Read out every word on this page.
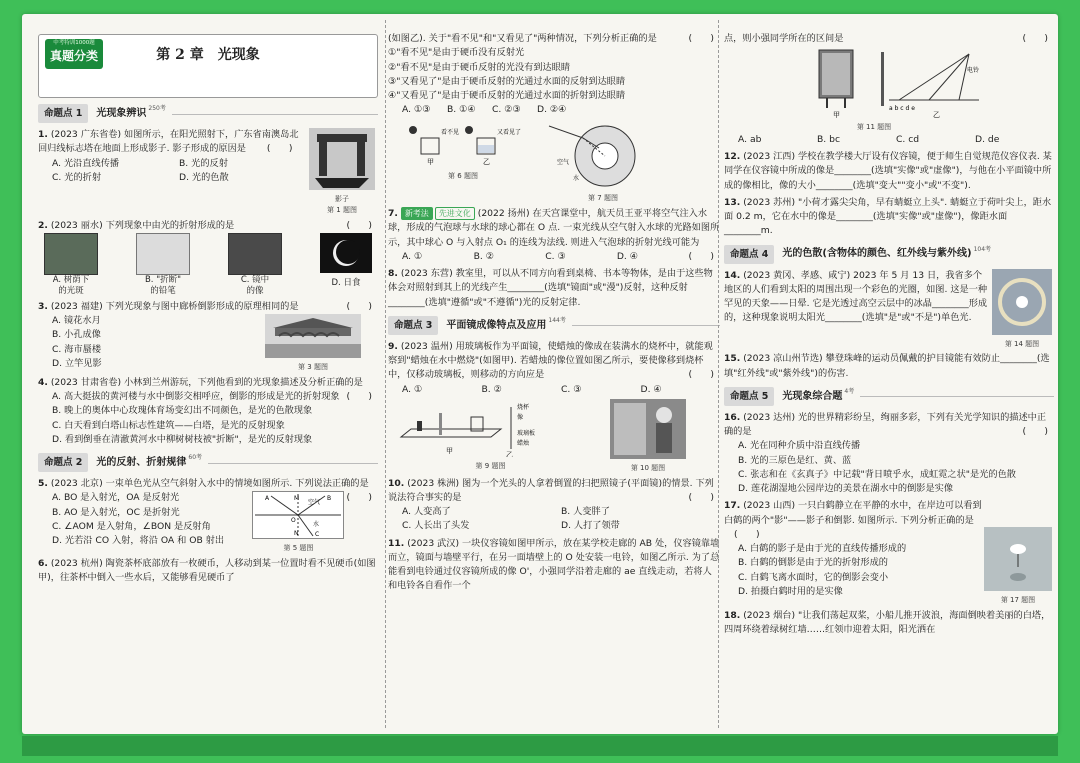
中考特训1000题
真题分类	第 2 章　光现象
命题点 1	光现象辨识 250考
1. (2023 广东省卷) 如图所示，在阳光照射下，广东省南澳岛北回归线标志塔在地面上形成影子. 影子形成的原因是 (　　)
A. 光沿直线传播	B. 光的反射
C. 光的折射	D. 光的色散
影子
第 1 题图
2. (2023 丽水) 下列现象中由光的折射形成的是	(　　)
A. 树荫下
的光斑
B. "折断"
的铅笔
C. 镜中
的像
D. 日食
3. (2023 福建) 下列光现象与图中廊桥倒影形成的原理相同的是	(　　)
A. 镜花水月
B. 小孔成像
C. 海市蜃楼
D. 立竿见影	第 3 题图
4. (2023 甘肃省卷) 小林到兰州游玩，下列他看到的光现象描述及分析正确的是
(　　)
A. 高大挺拔的黄河楼与水中倒影交相呼应，倒影的形成是光的折射现象
B. 晚上的奥体中心玫瑰体育场变幻出不同颜色，是光的色散现象
C. 白天看到白塔山标志性建筑——白塔，是光的反射现象
D. 看到倒垂在清澈黄河水中柳树树枝被"折断"，是光的反射现象
命题点 2	光的反射、折射规律 60考
5. (2023 北京) 一束单色光从空气斜射入水中的情境如图所示. 下列说法正确的是
(　　)
A. BO 是入射光，OA 是反射光
B. AO 是入射光，OC 是折射光
C. ∠AOM 是入射角，∠BON 是反射角
D. 光若沿 CO 入射，将沿 OA 和 OB 射出
空气
水
A	B
C
M
N
O
第 5 题图
6. (2023 杭州) 陶瓷茶杯底部放有一枚硬币，人移动到某一位置时看不见硬币(如图甲)，往茶杯中倒入一些水后，又能够看见硬币了
(如图乙). 关于"看不见"和"又看见了"两种情况，下列分析正确的是	(　　)
①"看不见"是由于硬币没有反射光
②"看不见"是由于硬币反射的光没有到达眼睛
③"又看见了"是由于硬币反射的光通过水面的反射到达眼睛
④"又看见了"是由于硬币反射的光通过水面的折射到达眼睛
A. ①③	B. ①④	C. ②③	D. ②④
看不见	又看见了
甲	乙
第 6 题图
空气
水
第 7 题图
7. 新考法 先进文化 (2022 扬州) 在天宫课堂中，航天员王亚平将空气注入水球，形成的气泡球与水球的球心都在 O 点. 一束光线从空气射入水球的光路如图所示，其中球心 O 与入射点 O₁ 的连线为法线. 则进入气泡球的折射光线可能为
(　　)
A. ①	B. ②	C. ③	D. ④
8. (2023 东营) 教室里，可以从不同方向看到桌椅、书本等物体，是由于这些物体会对照射到其上的光线产生________(选填"镜面"或"漫")反射，这种反射________(选填"遵循"或"不遵循")光的反射定律.
命题点 3	平面镜成像特点及应用 144考
9. (2023 温州) 用玻璃板作为平面镜，使蜡烛的像成在装满水的烧杯中，就能观察到"蜡烛在水中燃烧"(如图甲). 若蜡烛的像位置如图乙所示，要使像移到烧杯中，仅移动玻璃板，则移动的方向应是	(　　)
A. ①	B. ②	C. ③	D. ④
烧杯
像
玻璃板
蜡烛
甲	乙
第 9 题图	第 10 题图
10. (2023 株洲) 图为一个光头的人拿着倒置的扫把照镜子(平面镜)的情景. 下列说法符合事实的是	(　　)
A. 人变高了	B. 人变胖了
C. 人长出了头发	D. 人打了领带
11. (2023 武汉) 一块仪容镜如图甲所示，放在某学校走廊的 AB 处，仪容镜靠墙而立，镜面与墙壁平行，在另一面墙壁上的 O 处安装一电铃，如图乙所示. 为了总能看到电铃通过仪容镜所成的像 O'，小强同学沿着走廊的 ae 直线走动，若将人和电铃各自看作一个
点，则小强同学所在的区间是	(　　)
a b c d e
电铃
甲	乙
第 11 题图
A. ab	B. bc	C. cd	D. de
12. (2023 江西) 学校在教学楼大厅设有仪容镜，便于师生自觉规范仪容仪表. 某同学在仪容镜中所成的像是________(选填"实像"或"虚像")，与他在小平面镜中所成的像相比，像的大小________(选填"变大""变小"或"不变").
13. (2023 苏州) "小荷才露尖尖角，早有蜻蜓立上头". 蜻蜓立于荷叶尖上，距水面 0.2 m，它在水中的像是________(选填"实像"或"虚像")，像距水面________m.
命题点 4	光的色散(含物体的颜色、红外线与紫外线) 104考
14. (2023 黄冈、孝感、咸宁) 2023 年 5 月 13 日，我省多个地区的人们看到太阳的周围出现一个彩色的光圈，如图. 这是一种罕见的天象——日晕. 它是光透过高空云层中的冰晶________形成的，这种现象说明太阳光________(选填"是"或"不是")单色光.
第 14 题图
15. (2023 凉山州节选) 攀登珠峰的运动员佩戴的护目镜能有效防止________(选填"红外线"或"紫外线")的伤害.
命题点 5	光现象综合题 4考
16. (2023 达州) 光的世界精彩纷呈，绚丽多彩，下列有关光学知识的描述中正确的是	(　　)
A. 光在同种介质中沿直线传播
B. 光的三原色是红、黄、蓝
C. 张志和在《玄真子》中记载"背日喷乎水，成虹霓之状"是光的色散
D. 莲花湖湿地公园岸边的美景在湖水中的倒影是实像
17. (2023 山西) 一只白鹤静立在平静的水中，在岸边可以看到白鹤的两个"影"——影子和倒影. 如图所示. 下列分析正确的是(　　)
A. 白鹤的影子是由于光的直线传播形成的
B. 白鹤的倒影是由于光的折射形成的
C. 白鹤飞离水面时，它的倒影会变小
D. 拍摄白鹤时用的是实像
第 17 题图
18. (2023 烟台) "让我们荡起双桨，小船儿推开波浪，海面倒映着美丽的白塔，四周环绕着绿树红墙……红领巾迎着太阳，阳光洒在
